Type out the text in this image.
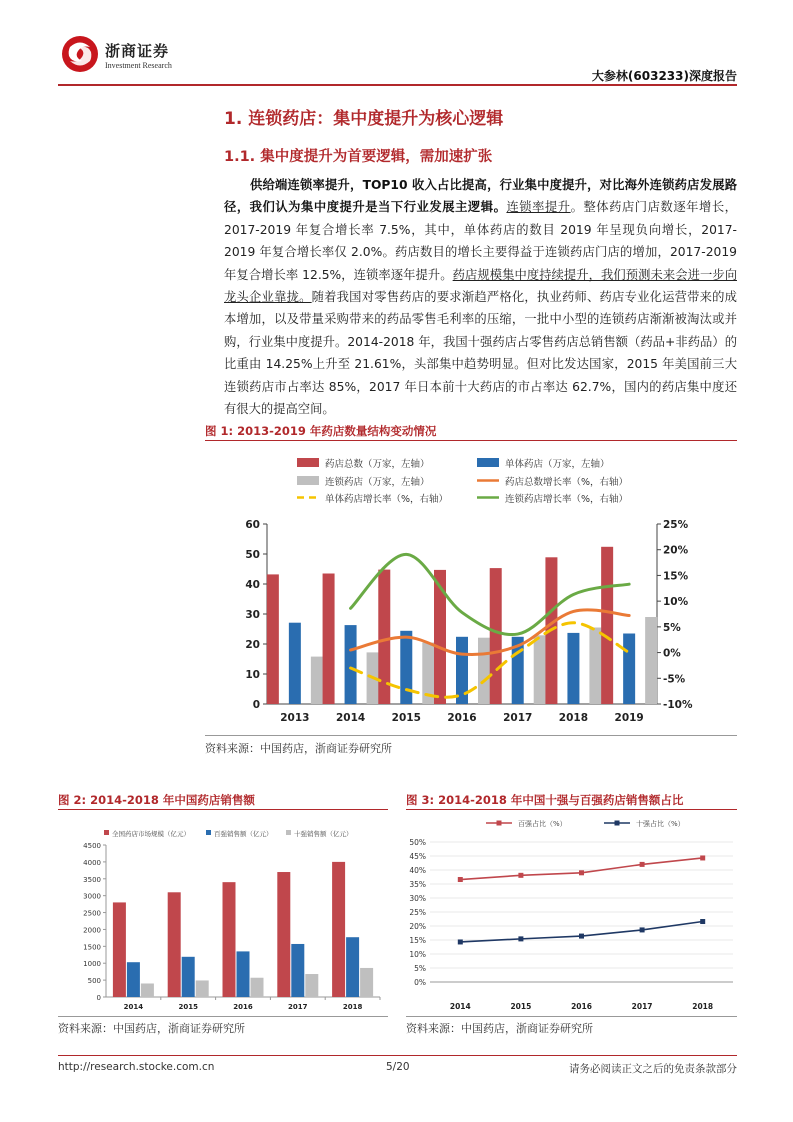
浙商证券
Investment Research
大参林(603233)深度报告
1. 连锁药店：集中度提升为核心逻辑
1.1. 集中度提升为首要逻辑，需加速扩张
供给端连锁率提升，TOP10 收入占比提高，行业集中度提升，对比海外连锁药店发展路径，我们认为集中度提升是当下行业发展主逻辑。连锁率提升。整体药店门店数逐年增长，2017-2019 年复合增长率 7.5%，其中，单体药店的数目 2019 年呈现负向增长，2017-2019 年复合增长率仅 2.0%。药店数目的增长主要得益于连锁药店门店的增加，2017-2019 年复合增长率 12.5%，连锁率逐年提升。药店规模集中度持续提升，我们预测未来会进一步向龙头企业靠拢。随着我国对零售药店的要求渐趋严格化，执业药师、药店专业化运营带来的成本增加，以及带量采购带来的药品零售毛利率的压缩，一批中小型的连锁药店渐渐被淘汰或并购，行业集中度提升。2014-2018 年，我国十强药店占零售药店总销售额（药品+非药品）的比重由 14.25%上升至 21.61%，头部集中趋势明显。但对比发达国家，2015 年美国前三大连锁药店市占率达 85%，2017 年日本前十大药店的市占率达 62.7%，国内的药店集中度还有很大的提高空间。
图 1: 2013-2019 年药店数量结构变动情况
药店总数（万家，左轴）	单体药店（万家，左轴）
连锁药店（万家，左轴）	药店总数增长率（%，右轴）
单体药店增长率（%，右轴）	连锁药店增长率（%，右轴）
0
10
20
30
40
50
60
-10%
-5%
0%
5%
10%
15%
20%
25%
2013	2014	2015	2016	2017	2018	2019
资料来源：中国药店，浙商证券研究所
图 2: 2014-2018 年中国药店销售额
全国药店市场规模（亿元）	百强销售额（亿元）	十强销售额（亿元）
0
500
1000
1500
2000
2500
3000
3500
4000
4500
2014	2015	2016	2017	2018
资料来源：中国药店，浙商证券研究所
图 3: 2014-2018 年中国十强与百强药店销售额占比
百强占比（%）	十强占比（%）
0%
5%
10%
15%
20%
25%
30%
35%
40%
45%
50%
2014	2015	2016	2017	2018
资料来源：中国药店，浙商证券研究所
http://research.stocke.com.cn	5/20	请务必阅读正文之后的免责条款部分
